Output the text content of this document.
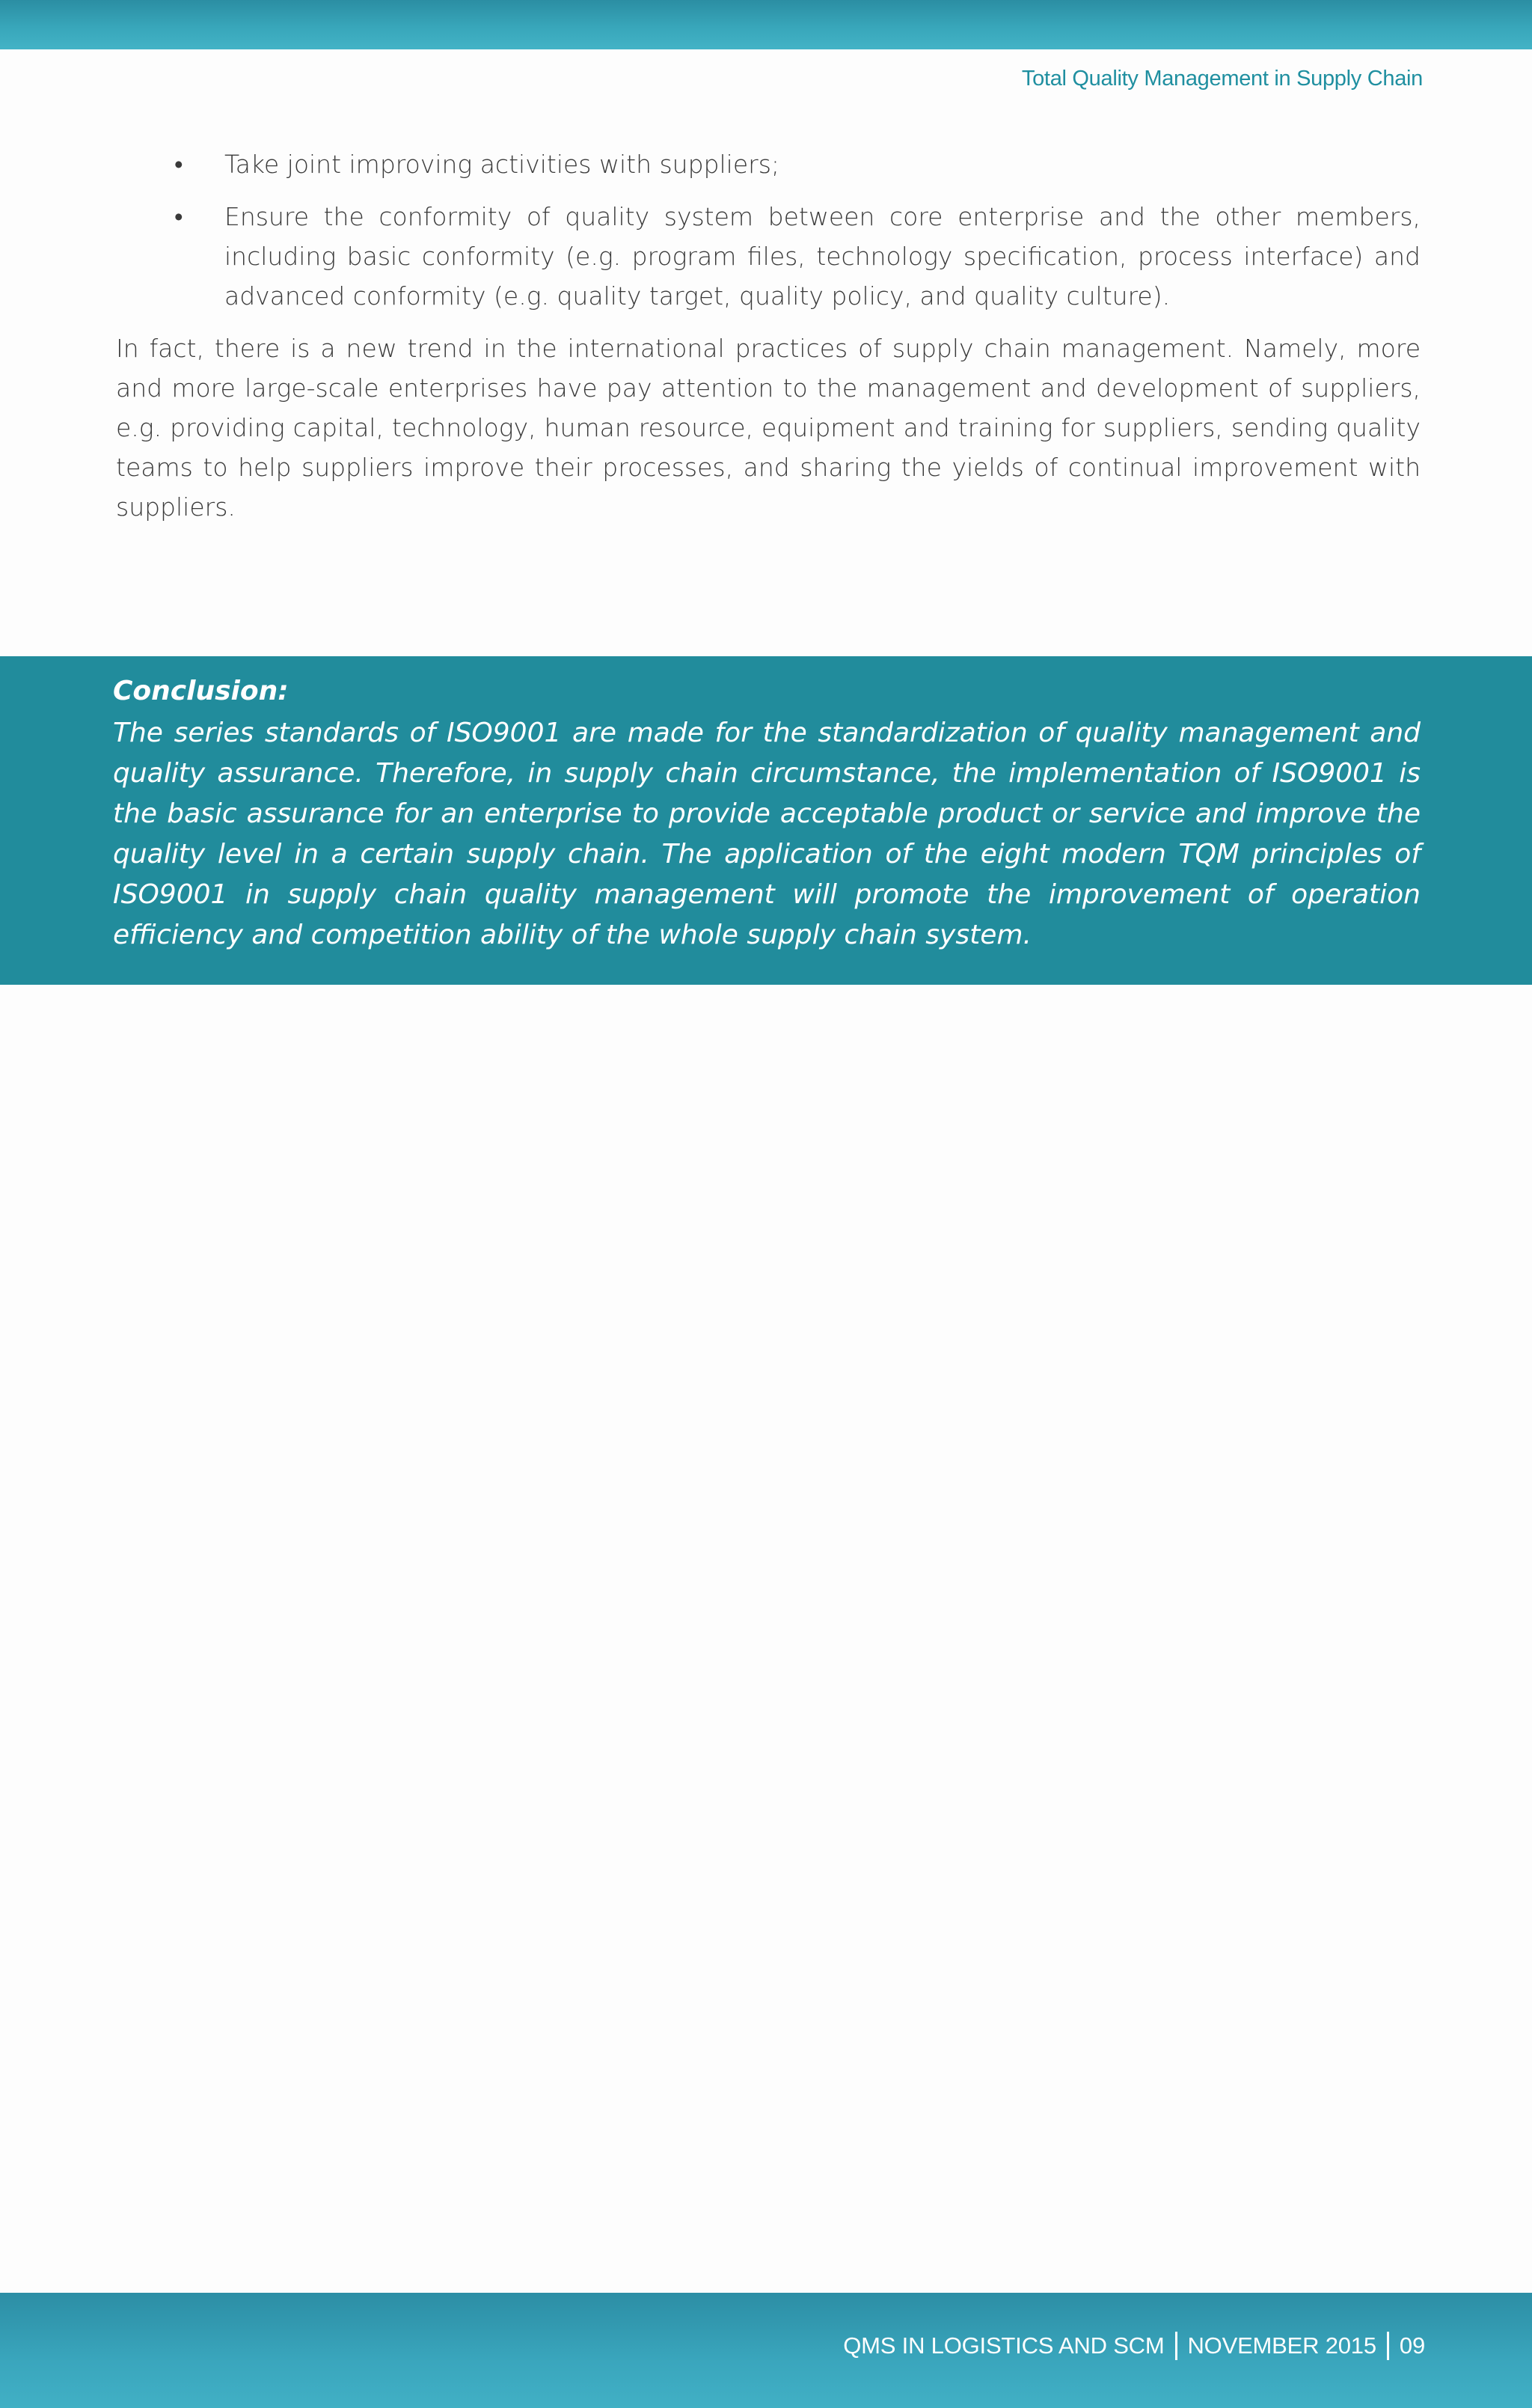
Total Quality Management in Supply Chain
• Take joint improving activities with suppliers;
• Ensure the conformity of quality system between core enterprise and the other members, including basic conformity (e.g. program files, technology specification, process interface) and advanced conformity (e.g. quality target, quality policy, and quality culture).

In fact, there is a new trend in the international practices of supply chain management. Namely, more and more large-scale enterprises have pay attention to the management and development of suppliers, e.g. providing capital, technology, human resource, equipment and training for suppliers, sending quality teams to help suppliers improve their processes, and sharing the yields of continual improvement with suppliers.

Conclusion:

The series standards of ISO9001 are made for the standardization of quality management and quality assurance. Therefore, in supply chain circumstance, the implementation of ISO9001 is the basic assurance for an enterprise to provide acceptable product or service and improve the quality level in a certain supply chain. The application of the eight modern TQM principles of ISO9001 in supply chain quality management will promote the improvement of operation efficiency and competition ability of the whole supply chain system.

QMS IN LOGISTICS AND SCM NOVEMBER 2015 09
